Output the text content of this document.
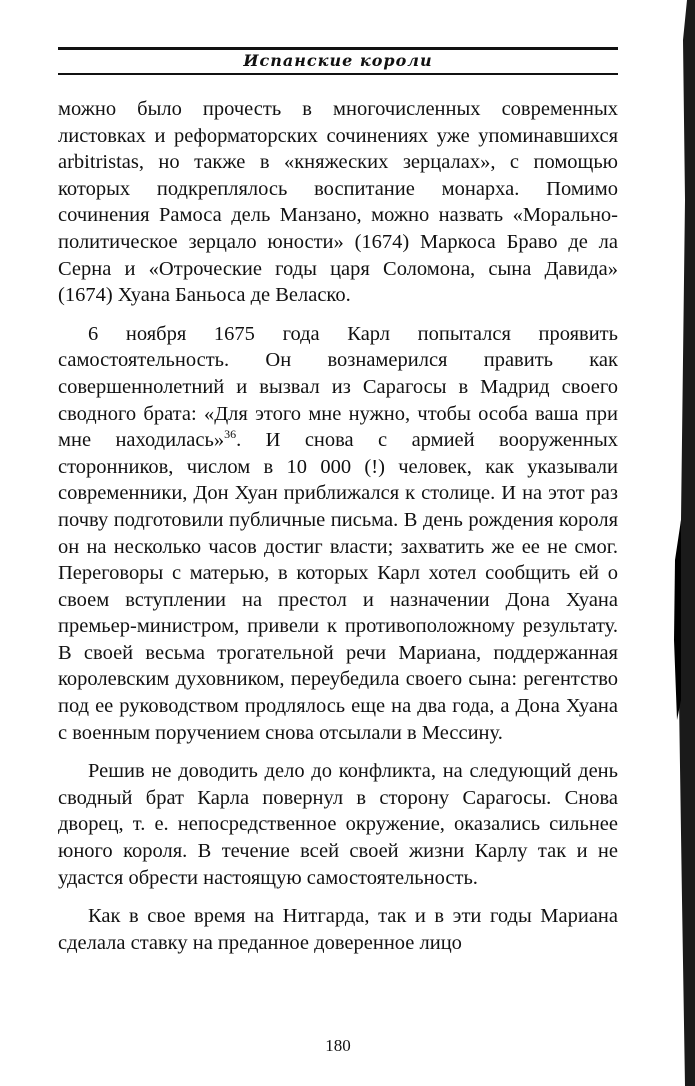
Испанские короли

можно было прочесть в многочисленных современных листовках и реформаторских сочинениях уже упоминавшихся arbitristas, но также в «княжеских зерцалах», с помощью которых подкреплялось воспитание монарха. Помимо сочинения Рамоса дель Манзано, можно назвать «Морально-политическое зерцало юности» (1674) Маркоса Браво де ла Серна и «Отроческие годы царя Соломона, сына Давида» (1674) Хуана Баньоса де Веласко.

6 ноября 1675 года Карл попытался проявить самостоятельность. Он вознамерился править как совершеннолетний и вызвал из Сарагосы в Мадрид своего сводного брата: «Для этого мне нужно, чтобы особа ваша при мне находилась»$^{36}$. И снова с армией вооруженных сторонников, числом в 10 000 (!) человек, как указывали современники, Дон Хуан приближался к столице. И на этот раз почву подготовили публичные письма. В день рождения короля он на несколько часов достиг власти; захватить же ее не смог. Переговоры с матерью, в которых Карл хотел сообщить ей о своем вступлении на престол и назначении Дона Хуана премьер-министром, привели к противоположному результату. В своей весьма трогательной речи Мариана, поддержанная королевским духовником, переубедила своего сына: регентство под ее руководством продлялось еще на два года, а Дона Хуана с военным поручением снова отсылали в Мессину.

Решив не доводить дело до конфликта, на следующий день сводный брат Карла повернул в сторону Сарагосы. Снова дворец, т. е. непосредственное окружение, оказались сильнее юного короля. В течение всей своей жизни Карлу так и не удастся обрести настоящую самостоятельность.

Как в свое время на Нитгарда, так и в эти годы Мариана сделала ставку на преданное доверенное лицо

180
